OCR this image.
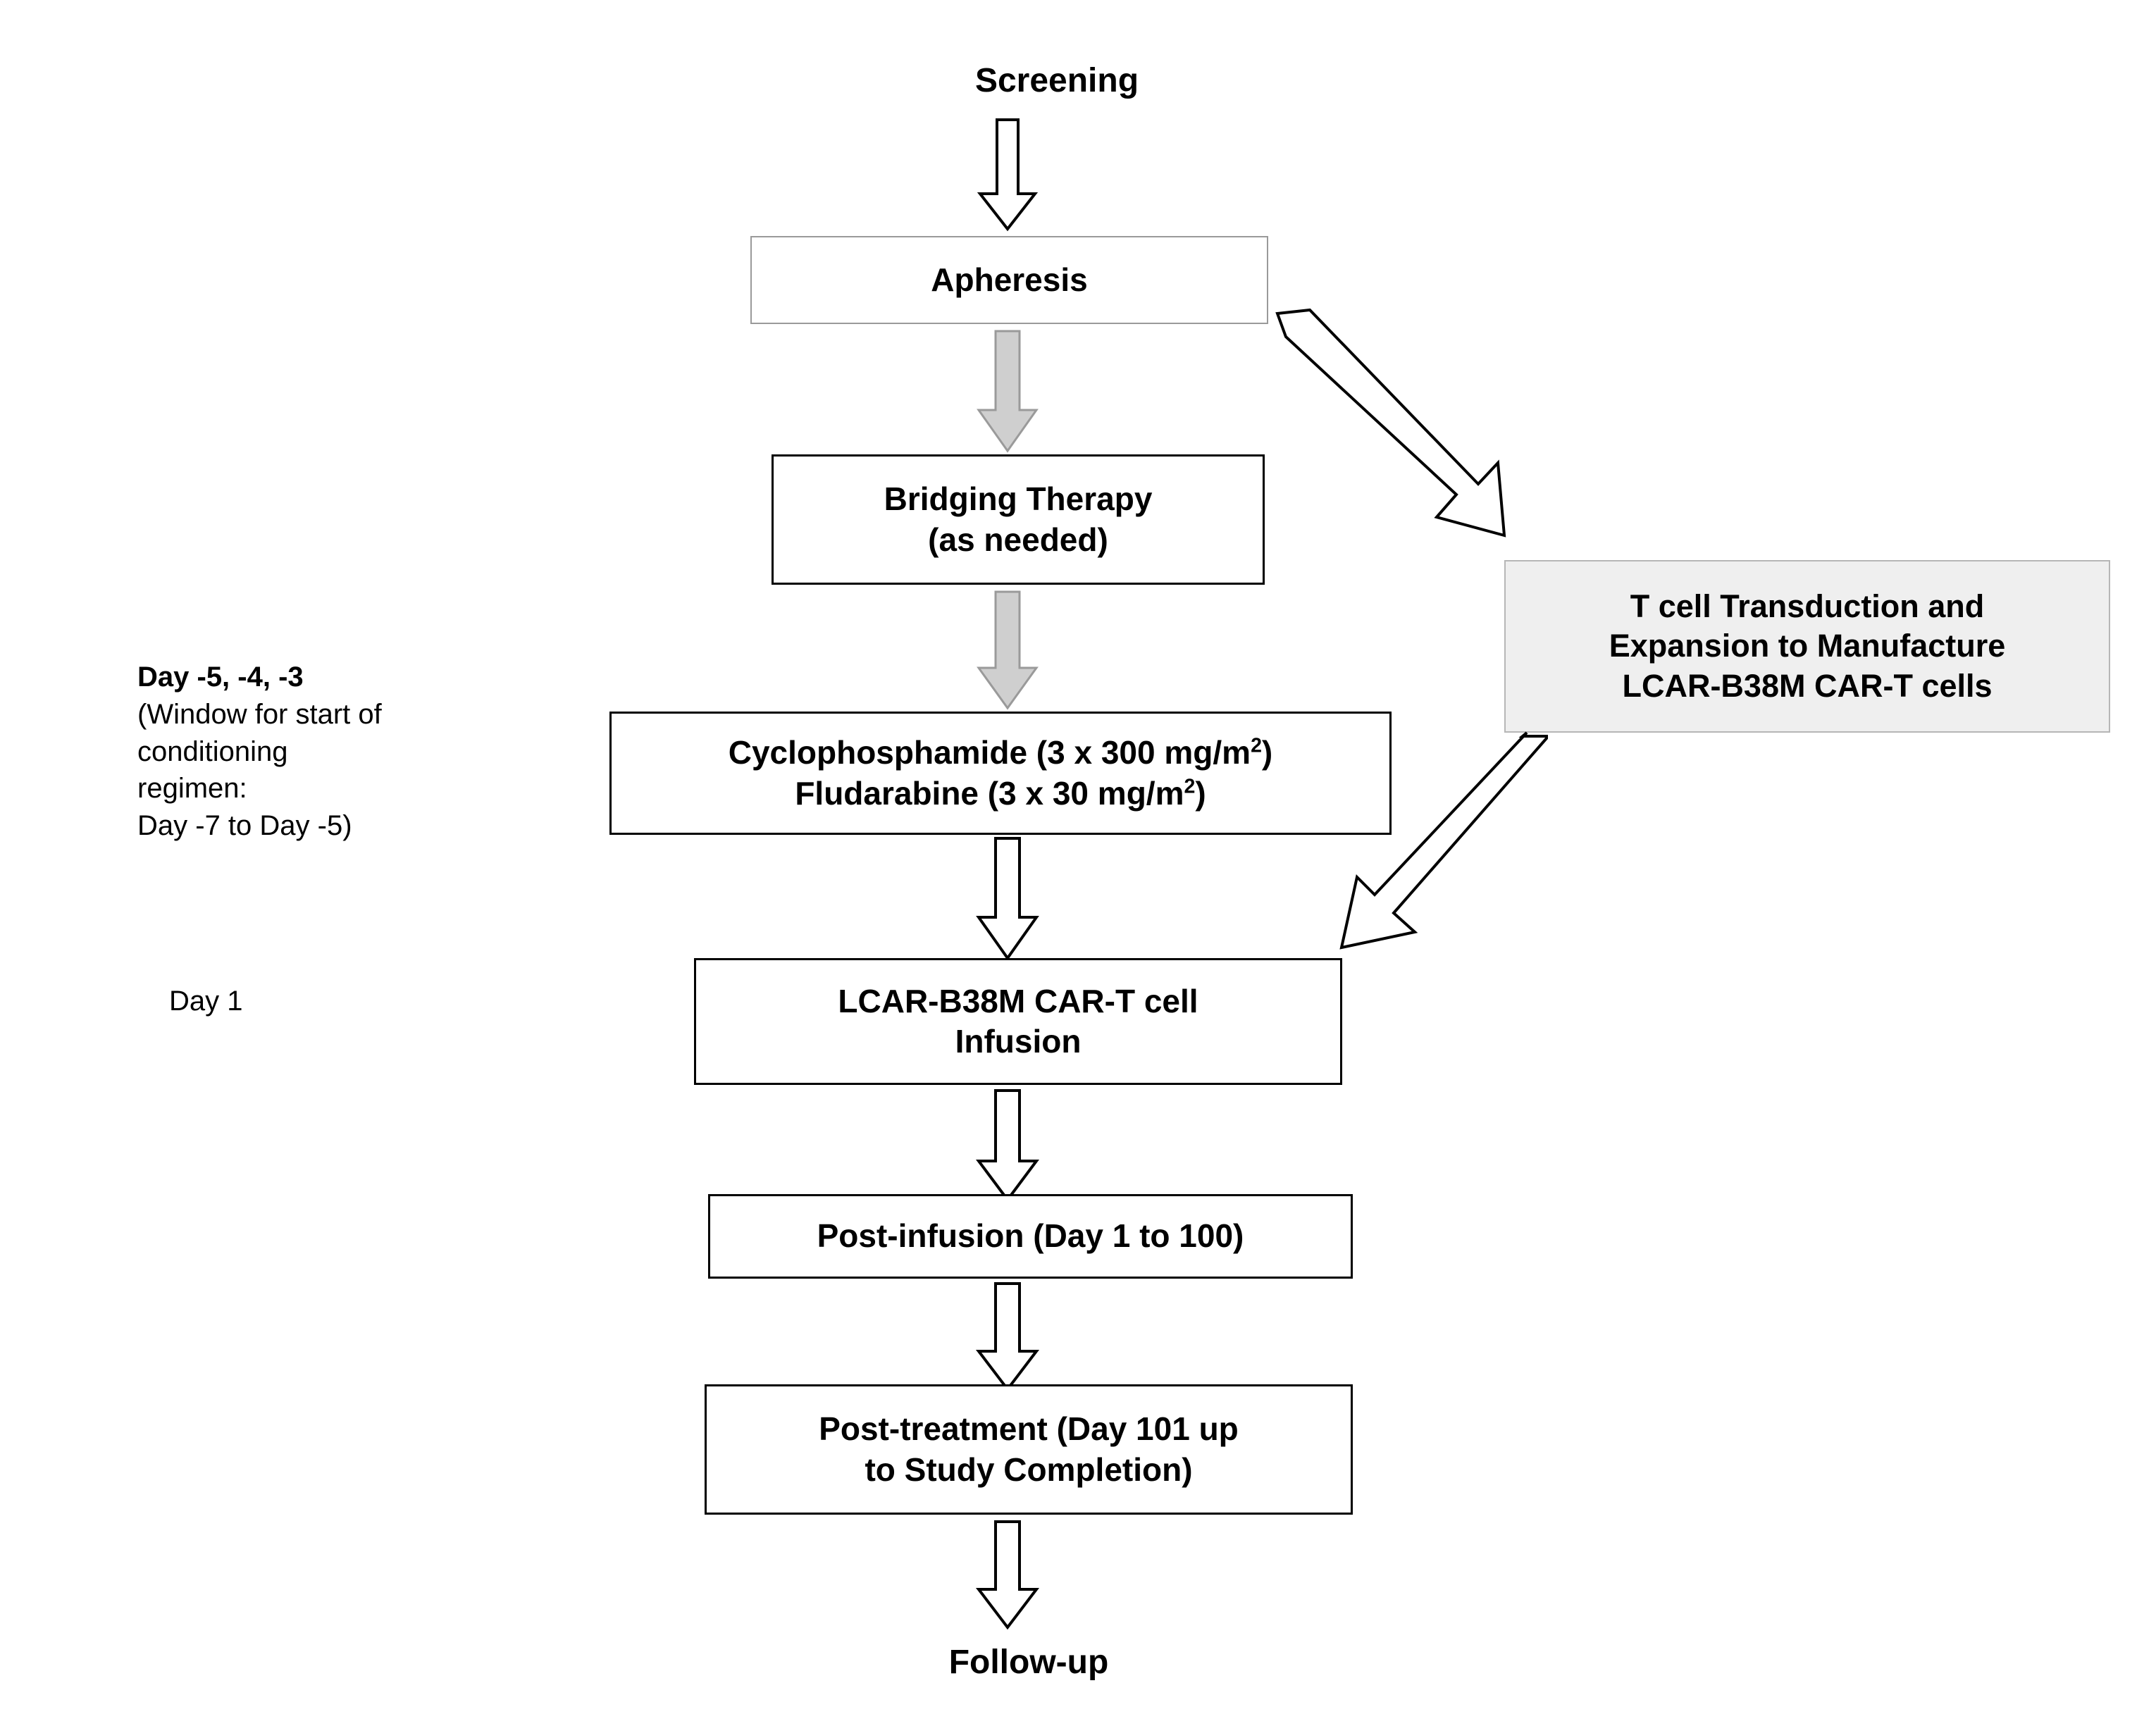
Screening
Apheresis
Bridging Therapy
(as needed)
T cell Transduction and
Expansion to Manufacture
LCAR-B38M CAR-T cells
Cyclophosphamide (3 x 300 $mg/m^2$)
Fludarabine (3 x 30 $mg/m^2$)
Day -5, -4, -3
(Window for start of
conditioning
regimen:
Day -7 to Day -5)
Day 1	LCAR-B38M CAR-T cell
Infusion
Post-infusion (Day 1 to 100)
Post-treatment (Day 101 up
to Study Completion)
Follow-up
